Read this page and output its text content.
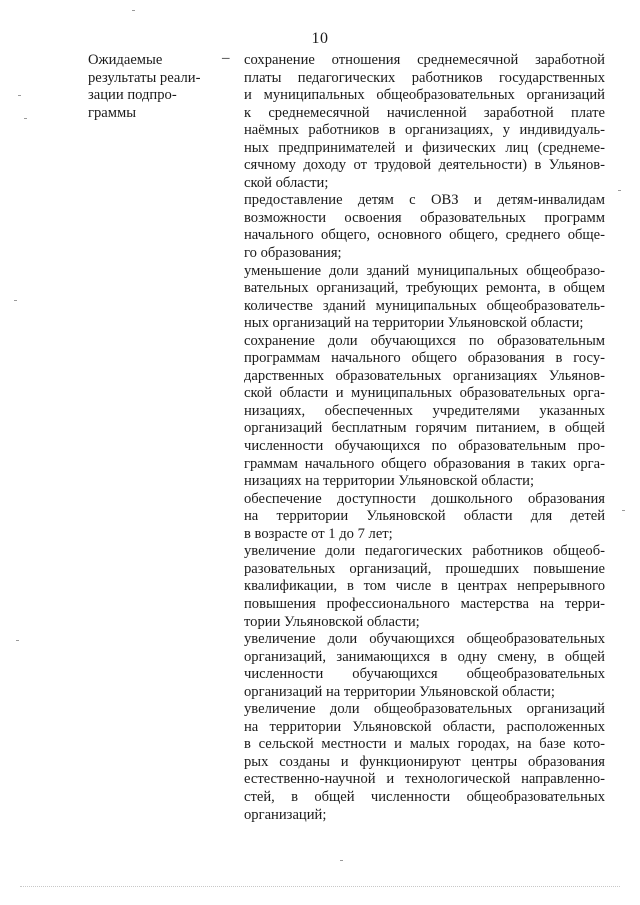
10
Ожидаемые
результаты реали-
зации подпро-
граммы
– сохранение отношения среднемесячной заработной
платы педагогических работников государственных
и муниципальных общеобразовательных организаций
к среднемесячной начисленной заработной плате
наёмных работников в организациях, у индивидуаль-
ных предпринимателей и физических лиц (среднеме-
сячному доходу от трудовой деятельности) в Ульянов-
ской области;
предоставление детям с ОВЗ и детям-инвалидам
возможности освоения образовательных программ
начального общего, основного общего, среднего обще-
го образования;
уменьшение доли зданий муниципальных общеобразо-
вательных организаций, требующих ремонта, в общем
количестве зданий муниципальных общеобразователь-
ных организаций на территории Ульяновской области;
сохранение доли обучающихся по образовательным
программам начального общего образования в госу-
дарственных образовательных организациях Ульянов-
ской области и муниципальных образовательных орга-
низациях, обеспеченных учредителями указанных
организаций бесплатным горячим питанием, в общей
численности обучающихся по образовательным про-
граммам начального общего образования в таких орга-
низациях на территории Ульяновской области;
обеспечение доступности дошкольного образования
на территории Ульяновской области для детей
в возрасте от 1 до 7 лет;
увеличение доли педагогических работников общеоб-
разовательных организаций, прошедших повышение
квалификации, в том числе в центрах непрерывного
повышения профессионального мастерства на терри-
тории Ульяновской области;
увеличение доли обучающихся общеобразовательных
организаций, занимающихся в одну смену, в общей
численности обучающихся общеобразовательных
организаций на территории Ульяновской области;
увеличение доли общеобразовательных организаций
на территории Ульяновской области, расположенных
в сельской местности и малых городах, на базе кото-
рых созданы и функционируют центры образования
естественно-научной и технологической направленно-
стей, в общей численности общеобразовательных
организаций;
